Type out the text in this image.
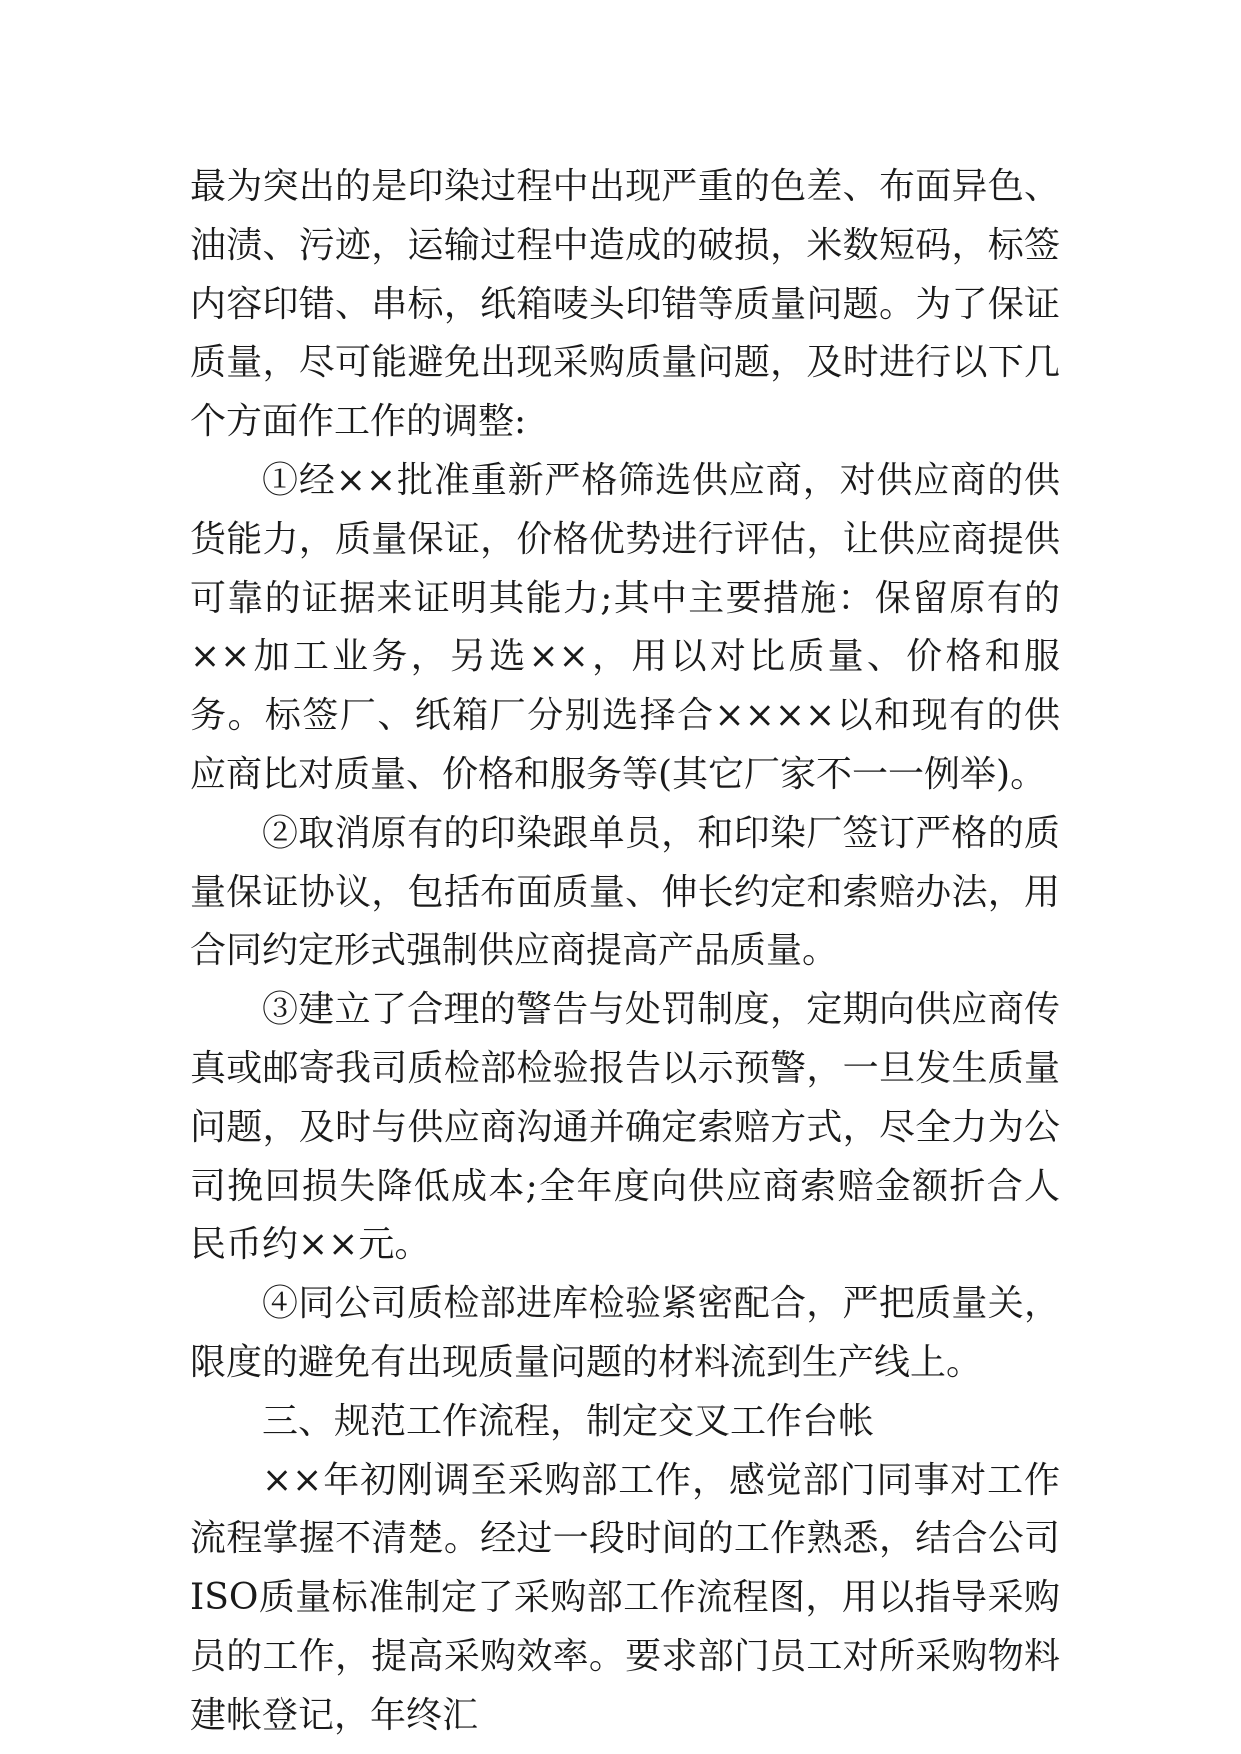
最为突出的是印染过程中出现严重的色差、布面异色、油渍、污迹，运输过程中造成的破损，米数短码，标签内容印错、串标，纸箱唛头印错等质量问题。为了保证质量，尽可能避免出现采购质量问题，及时进行以下几个方面作工作的调整:

①经××批准重新严格筛选供应商，对供应商的供货能力，质量保证，价格优势进行评估，让供应商提供可靠的证据来证明其能力;其中主要措施：保留原有的××加工业务，另选××，用以对比质量、价格和服务。标签厂、纸箱厂分别选择合××××以和现有的供应商比对质量、价格和服务等(其它厂家不一一例举)。

②取消原有的印染跟单员，和印染厂签订严格的质量保证协议，包括布面质量、伸长约定和索赔办法，用合同约定形式强制供应商提高产品质量。

③建立了合理的警告与处罚制度，定期向供应商传真或邮寄我司质检部检验报告以示预警，一旦发生质量问题，及时与供应商沟通并确定索赔方式，尽全力为公司挽回损失降低成本;全年度向供应商索赔金额折合人民币约××元。

④同公司质检部进库检验紧密配合，严把质量关，限度的避免有出现质量问题的材料流到生产线上。

三、规范工作流程，制定交叉工作台帐

××年初刚调至采购部工作，感觉部门同事对工作流程掌握不清楚。经过一段时间的工作熟悉，结合公司ISO质量标准制定了采购部工作流程图，用以指导采购员的工作，提高采购效率。要求部门员工对所采购物料建帐登记，年终汇
